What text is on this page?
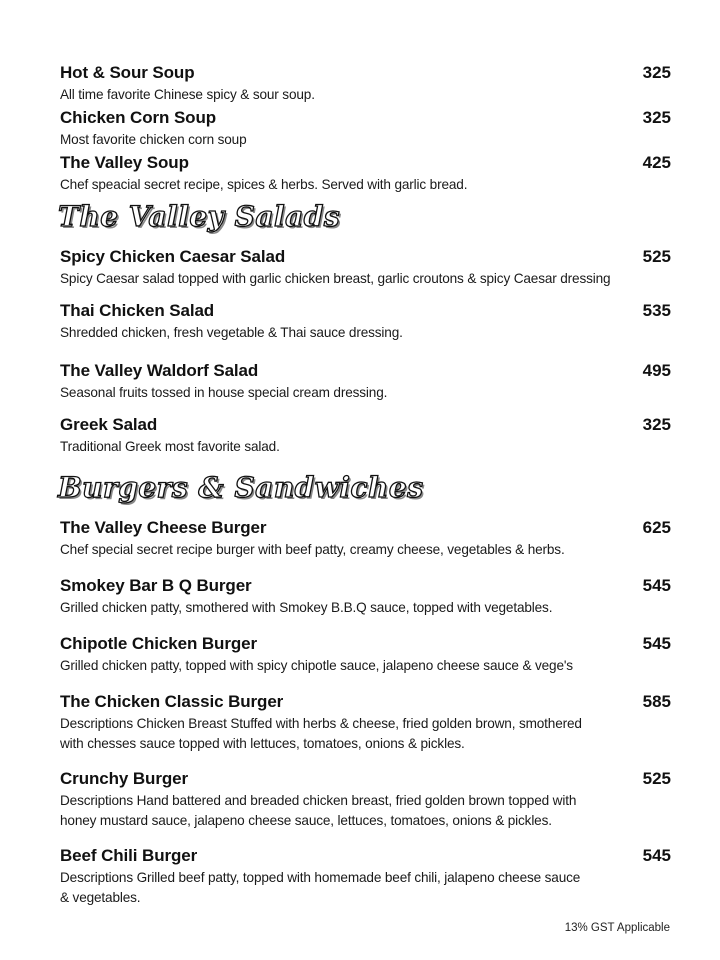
Hot & Sour Soup	325
All time favorite Chinese spicy & sour soup.
Chicken Corn Soup	325
Most favorite chicken corn soup
The Valley Soup	425
Chef speacial secret recipe, spices & herbs. Served with garlic bread.
The Valley Salads
Spicy Chicken Caesar Salad	525
Spicy Caesar salad topped with garlic chicken breast, garlic croutons & spicy Caesar dressing
Thai Chicken Salad	535
Shredded chicken, fresh vegetable & Thai sauce dressing.
The Valley Waldorf Salad	495
Seasonal fruits tossed in house special cream dressing.
Greek Salad	325
Traditional Greek most favorite salad.
Burgers & Sandwiches
The Valley Cheese Burger	625
Chef special secret recipe burger with beef patty, creamy cheese, vegetables & herbs.
Smokey Bar B Q Burger	545
Grilled chicken patty, smothered with Smokey B.B.Q sauce, topped with vegetables.
Chipotle Chicken Burger	545
Grilled chicken patty, topped with spicy chipotle sauce, jalapeno cheese sauce & vege's
The Chicken Classic Burger	585
Descriptions Chicken Breast Stuffed with herbs & cheese, fried golden brown, smothered
with chesses sauce topped with lettuces, tomatoes, onions & pickles.
Crunchy Burger	525
Descriptions Hand battered and breaded chicken breast, fried golden brown topped with
honey mustard sauce, jalapeno cheese sauce, lettuces, tomatoes, onions & pickles.
Beef Chili Burger	545
Descriptions Grilled beef patty, topped with homemade beef chili, jalapeno cheese sauce
& vegetables.
13% GST Applicable
